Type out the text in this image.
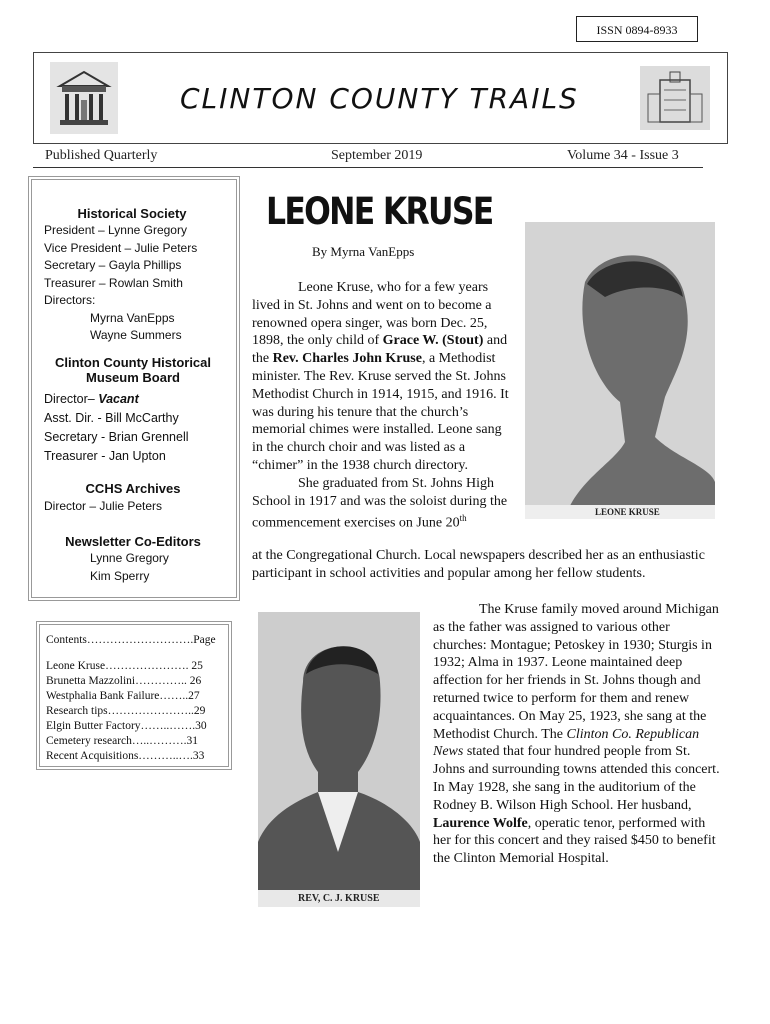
ISSN 0894-8933
CLINTON COUNTY TRAILS
Published Quarterly	September 2019	Volume 34 - Issue 3
Historical Society
President – Lynne Gregory
Vice President – Julie Peters
Secretary – Gayla Phillips
Treasurer – Rowlan Smith
Directors:
Myrna VanEpps
Wayne Summers
Clinton County Historical
Museum Board
Director– Vacant
Asst. Dir. - Bill McCarthy
Secretary - Brian Grennell
Treasurer - Jan Upton
CCHS Archives
Director – Julie Peters
Newsletter Co-Editors
Lynne Gregory
Kim Sperry
Contents……………………….Page
Leone Kruse…………………. 25
Brunetta Mazzolini………….. 26
Westphalia Bank Failure……..27
Research tips…………………..29
Elgin Butter Factory……..…….30
Cemetery research…..……….31
Recent Acquisitions………..….33
LEONE KRUSE
By Myrna VanEpps
LEONE KRUSE
Leone Kruse, who for a few years lived in St. Johns and went on to become a renowned opera singer, was born Dec. 25, 1898, the only child of Grace W. (Stout) and the Rev. Charles John Kruse, a Methodist minister. The Rev. Kruse served the St. Johns Methodist Church in 1914, 1915, and 1916. It was during his tenure that the church’s memorial chimes were installed. Leone sang in the church choir and was listed as a “chimer” in the 1938 church directory.
She graduated from St. Johns High School in 1917 and was the soloist during the commencement exercises on June 20th
at the Congregational Church. Local newspapers described her as an enthusiastic participant in school activities and popular among her fellow students.
REV, C. J. KRUSE
The Kruse family moved around Michigan as the father was assigned to various other churches: Montague; Petoskey in 1930; Sturgis in 1932; Alma in 1937. Leone maintained deep affection for her friends in St. Johns though and returned twice to perform for them and renew acquaintances. On May 25, 1923, she sang at the Methodist Church. The Clinton Co. Republican News stated that four hundred people from St. Johns and surrounding towns attended this concert. In May 1928, she sang in the auditorium of the Rodney B. Wilson High School. Her husband, Laurence Wolfe, operatic tenor, performed with her for this concert and they raised $450 to benefit the Clinton Memorial Hospital.
